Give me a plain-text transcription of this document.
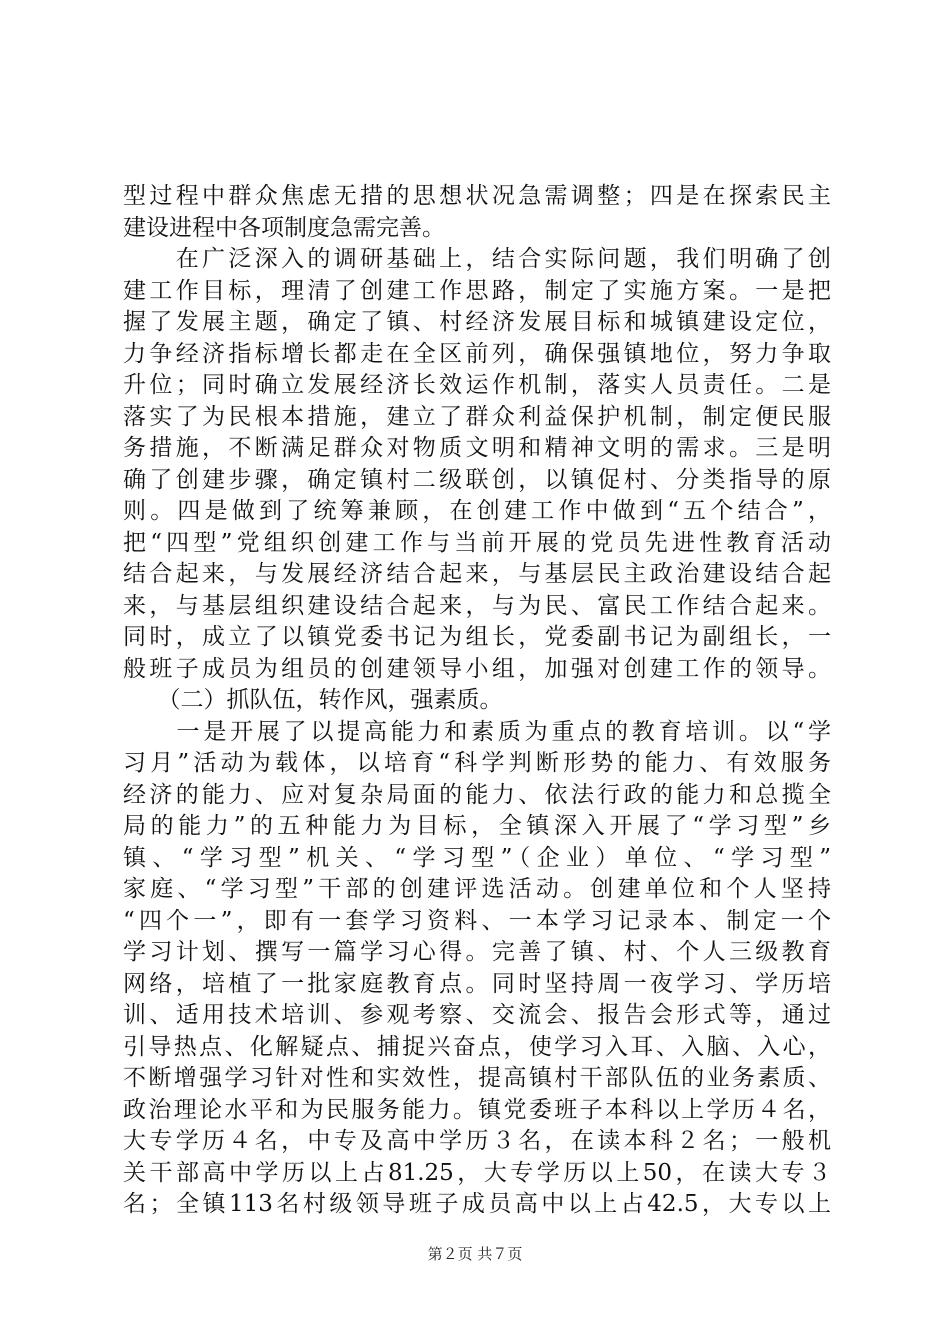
型过程中群众焦虑无措的思想状况急需调整；四是在探索民主
建设进程中各项制度急需完善。
　　在广泛深入的调研基础上，结合实际问题，我们明确了创
建工作目标，理清了创建工作思路，制定了实施方案。一是把
握了发展主题，确定了镇、村经济发展目标和城镇建设定位，
力争经济指标增长都走在全区前列，确保强镇地位，努力争取
升位；同时确立发展经济长效运作机制，落实人员责任。二是
落实了为民根本措施，建立了群众利益保护机制，制定便民服
务措施，不断满足群众对物质文明和精神文明的需求。三是明
确了创建步骤，确定镇村二级联创，以镇促村、分类指导的原
则。四是做到了统筹兼顾，在创建工作中做到“五个结合”，
把“四型”党组织创建工作与当前开展的党员先进性教育活动
结合起来，与发展经济结合起来，与基层民主政治建设结合起
来，与基层组织建设结合起来，与为民、富民工作结合起来。
同时，成立了以镇党委书记为组长，党委副书记为副组长，一
般班子成员为组员的创建领导小组，加强对创建工作的领导。
　　（二）抓队伍，转作风，强素质。
　　一是开展了以提高能力和素质为重点的教育培训。以“学
习月”活动为载体，以培育“科学判断形势的能力、有效服务
经济的能力、应对复杂局面的能力、依法行政的能力和总揽全
局的能力”的五种能力为目标，全镇深入开展了“学习型”乡
镇、“学习型”机关、“学习型”（企业）单位、“学习型”
家庭、“学习型”干部的创建评选活动。创建单位和个人坚持
“四个一”，即有一套学习资料、一本学习记录本、制定一个
学习计划、撰写一篇学习心得。完善了镇、村、个人三级教育
网络，培植了一批家庭教育点。同时坚持周一夜学习、学历培
训、适用技术培训、参观考察、交流会、报告会形式等，通过
引导热点、化解疑点、捕捉兴奋点，使学习入耳、入脑、入心，
不断增强学习针对性和实效性，提高镇村干部队伍的业务素质、
政治理论水平和为民服务能力。镇党委班子本科以上学历４名，
大专学历４名，中专及高中学历３名，在读本科２名；一般机
关干部高中学历以上占81.25，大专学历以上50，在读大专３
名；全镇113名村级领导班子成员高中以上占42.5，大专以上
第２页 共７页
